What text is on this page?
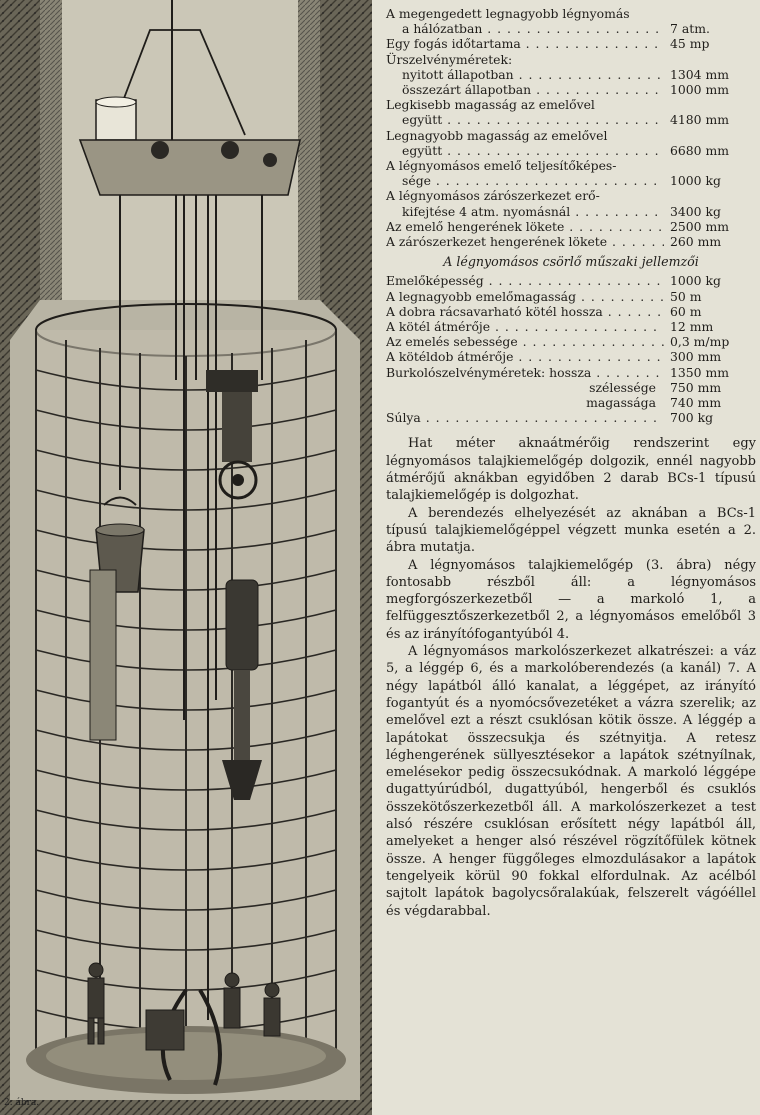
2. ábra.
A megengedett legnagyobb légnyomás
a hálózatban . . .	7 atm.
Egy fogás időtartama . . .	45 mp
Ürszelvényméretek:
nyitott állapotban . . .	1304 mm
összezárt állapotban . . .	1000 mm
Legkisebb magasság az emelővel
együtt . . .	4180 mm
Legnagyobb magasság az emelővel
együtt . . .	6680 mm
A légnyomásos emelő teljesítőképes-
sége . . .	1000 kg
A légnyomásos zárószerkezet erő-
kifejtése 4 atm. nyomásnál . . .	3400 kg
Az emelő hengerének lökete . . .	2500 mm
A zárószerkezet hengerének lökete . . .	260 mm
A légnyomásos csörlő műszaki jellemzői
Emelőképesség . . .	1000 kg
A legnagyobb emelőmagasság . . .	50 m
A dobra rácsavarható kötél hossza . . .	60 m
A kötél átmérője . . .	12 mm
Az emelés sebessége . . .	0,3 m/mp
A kötéldob átmérője . . .	300 mm
Burkolószelvényméretek: hossza . . .	1350 mm
szélessége	750 mm
magassága	740 mm
Súlya . . .	700 kg

Hat méter aknaátmérőig rendszerint egy légnyomásos talajkiemelőgép dolgozik, ennél nagyobb átmérőjű aknákban egyidőben 2 darab BCs-1 típusú talajkiemelőgép is dolgozhat.

A berendezés elhelyezését az aknában a BCs-1 típusú talajkiemelőgéppel végzett munka esetén a 2. ábra mutatja.

A légnyomásos talajkiemelőgép (3. ábra) négy fontosabb részből áll: a légnyomásos megforgószerkezetből — a markoló 1, a felfüggesztőszerkezetből 2, a légnyomásos emelőből 3 és az irányítófogantyúból 4.

A légnyomásos markolószerkezet alkatrészei: a váz 5, a léggép 6, és a markolóberendezés (a kanál) 7. A négy lapátból álló kanalat, a léggépet, az irányító fogantyút és a nyomócsővezetéket a vázra szerelik; az emelővel ezt a részt csuklósan kötik össze. A léggép a lapátokat összecsukja és szétnyitja. A retesz léghengerének süllyesztésekor a lapátok szétnyílnak, emelésekor pedig összecsukódnak. A markoló léggépe dugattyúrúdból, dugattyúból, hengerből és csuklós összekötőszerkezetből áll. A markolószerkezet a test alsó részére csuklósan erősített négy lapátból áll, amelyeket a henger alsó részével rögzítőfülek kötnek össze. A henger függőleges elmozdulásakor a lapátok tengelyeik körül 90 fokkal elfordulnak. Az acélból sajtolt lapátok bagolycsőralakúak, felszerelt vágóéllel és végdarabbal.
